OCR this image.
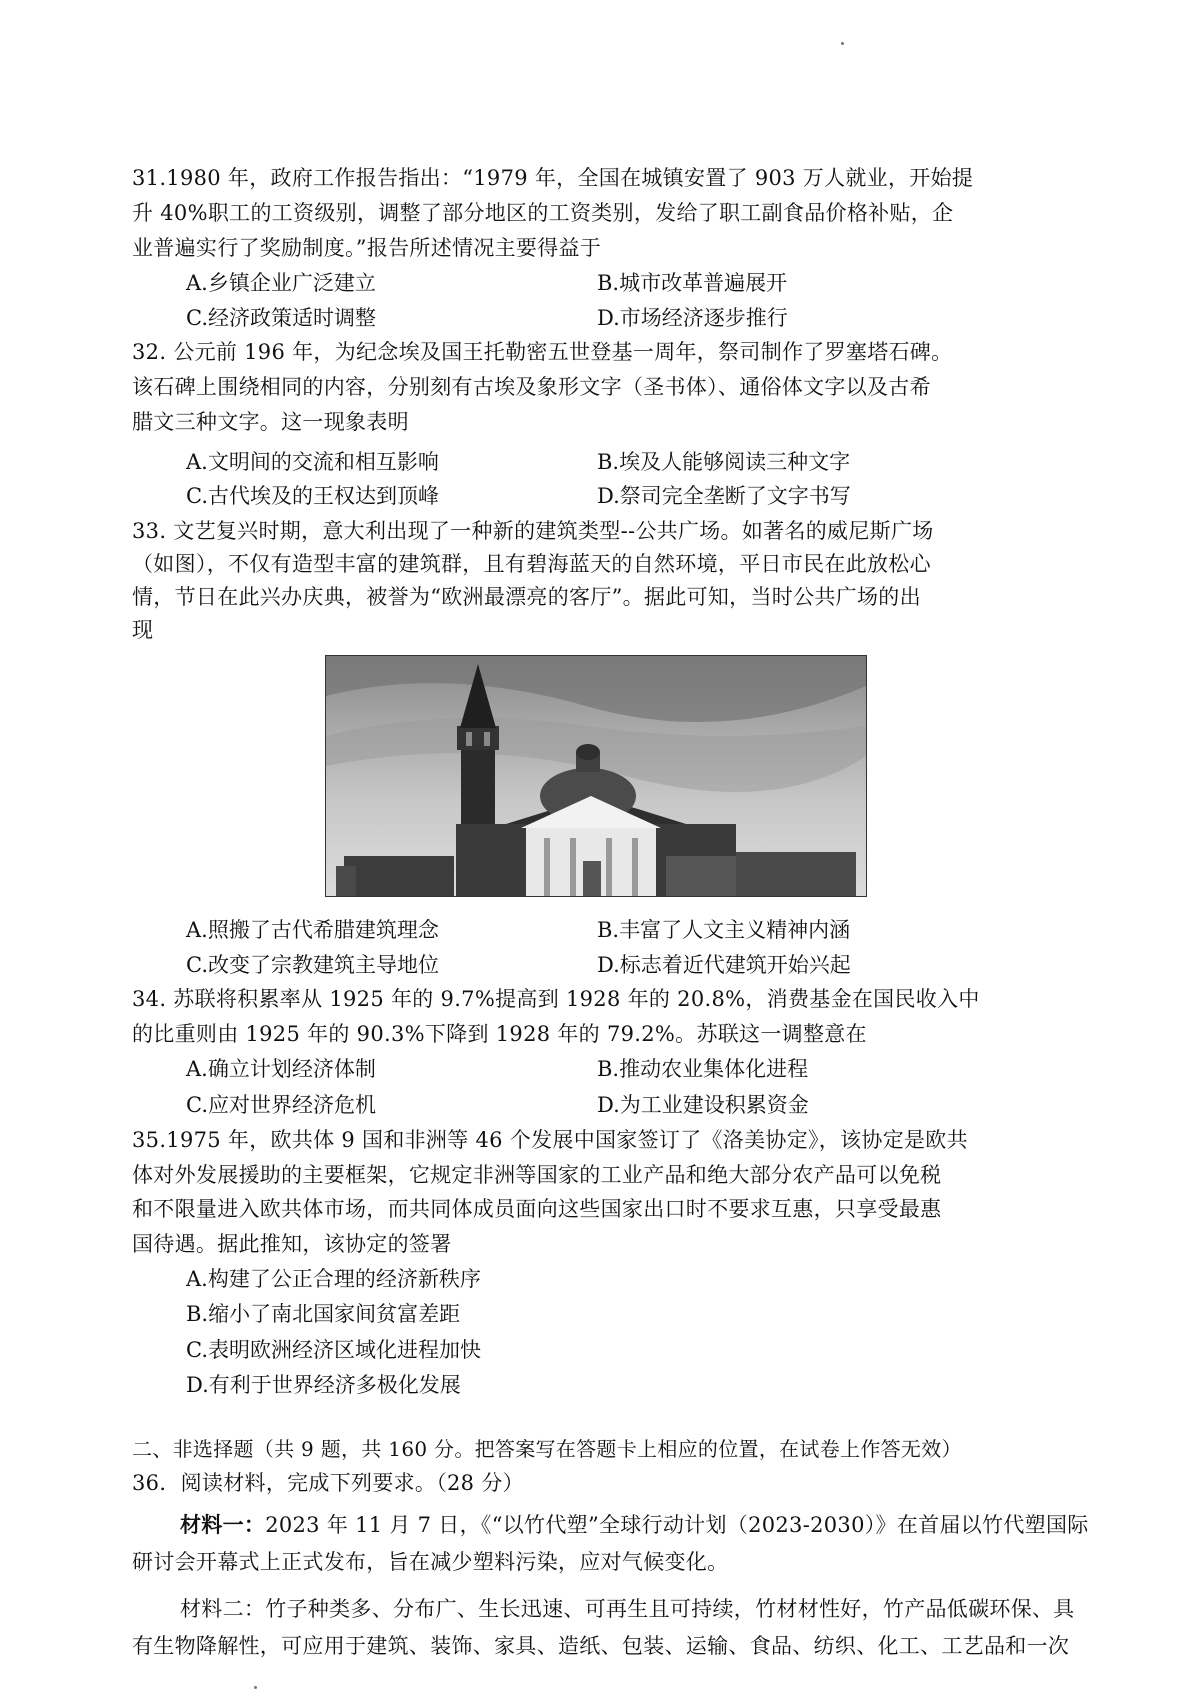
31.1980 年，政府工作报告指出：“1979 年，全国在城镇安置了 903 万人就业，开始提
升 40%职工的工资级别，调整了部分地区的工资类别，发给了职工副食品价格补贴，企
业普遍实行了奖励制度。”报告所述情况主要得益于
A.乡镇企业广泛建立	B.城市改革普遍展开
C.经济政策适时调整	D.市场经济逐步推行
32. 公元前 196 年，为纪念埃及国王托勒密五世登基一周年，祭司制作了罗塞塔石碑。
该石碑上围绕相同的内容，分别刻有古埃及象形文字（圣书体）、通俗体文字以及古希
腊文三种文字。这一现象表明
A.文明间的交流和相互影响	B.埃及人能够阅读三种文字
C.古代埃及的王权达到顶峰	D.祭司完全垄断了文字书写
33. 文艺复兴时期，意大利出现了一种新的建筑类型--公共广场。如著名的威尼斯广场
（如图），不仅有造型丰富的建筑群，且有碧海蓝天的自然环境，平日市民在此放松心
A.照搬了古代希腊建筑理念	B.丰富了人文主义精神内涵
C.改变了宗教建筑主导地位	D.标志着近代建筑开始兴起
34. 苏联将积累率从 1925 年的 9.7%提高到 1928 年的 20.8%，消费基金在国民收入中
的比重则由 1925 年的 90.3%下降到 1928 年的 79.2%。苏联这一调整意在
A.确立计划经济体制	B.推动农业集体化进程
C.应对世界经济危机	D.为工业建设积累资金
35.1975 年，欧共体 9 国和非洲等 46 个发展中国家签订了《洛美协定》，该协定是欧共
体对外发展援助的主要框架，它规定非洲等国家的工业产品和绝大部分农产品可以免税
和不限量进入欧共体市场，而共同体成员面向这些国家出口时不要求互惠，只享受最惠
国待遇。据此推知，该协定的签署
A.构建了公正合理的经济新秩序
B.缩小了南北国家间贫富差距
C.表明欧洲经济区域化进程加快
D.有利于世界经济多极化发展
二、非选择题（共 9 题，共 160 分。把答案写在答题卡上相应的位置，在试卷上作答无效）
36．阅读材料，完成下列要求。（28 分）
材料一：2023 年 11 月 7 日，《“以竹代塑”全球行动计划（2023-2030）》在首届以竹代塑国际
研讨会开幕式上正式发布，旨在减少塑料污染，应对气候变化。
材料二：竹子种类多、分布广、生长迅速、可再生且可持续，竹材材性好，竹产品低碳环保、具
有生物降解性，可应用于建筑、装饰、家具、造纸、包装、运输、食品、纺织、化工、工艺品和一次
情，节日在此兴办庆典，被誉为“欧洲最漂亮的客厅”。据此可知，当时公共广场的出
现
